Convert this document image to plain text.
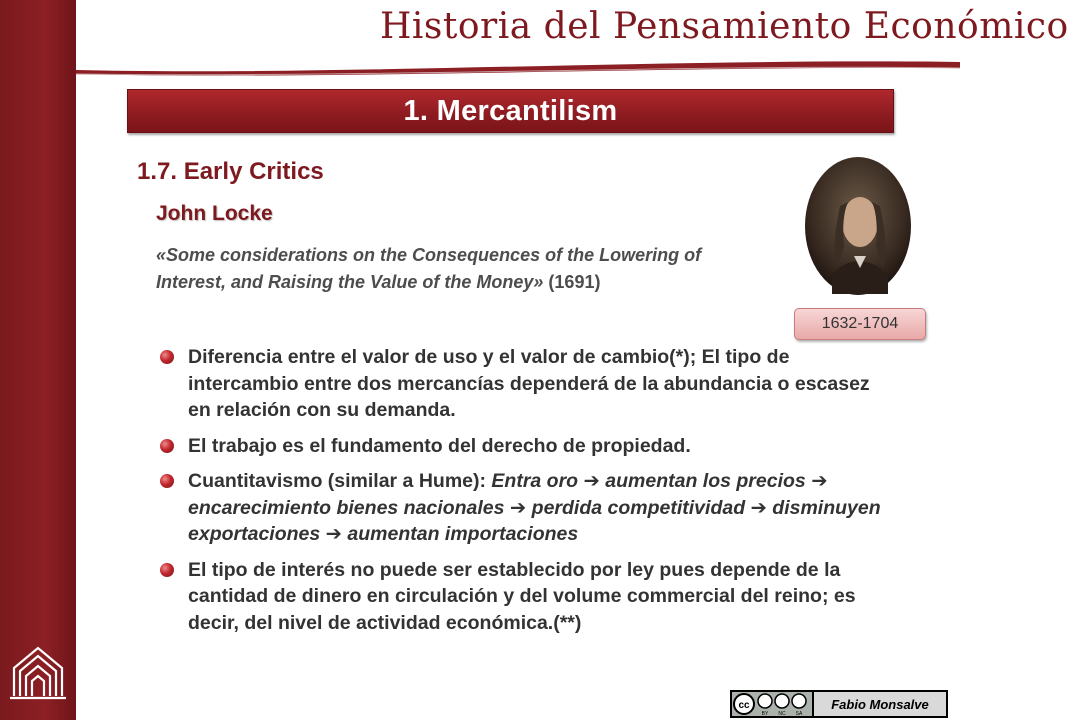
Historia del Pensamiento Económico
1. Mercantilism
1.7. Early Critics
John Locke
«Some considerations on the Consequences of the Lowering of Interest, and Raising the Value of the Money» (1691)
1632-1704
Diferencia entre el valor de uso y el valor de cambio(*); El tipo de intercambio entre dos mercancías dependerá de la abundancia o escasez en relación con su demanda.
El trabajo es el fundamento del derecho de propiedad.
Cuantitavismo (similar a Hume): Entra oro ➔ aumentan los precios ➔ encarecimiento bienes nacionales ➔ perdida competitividad ➔ disminuyen exportaciones ➔ aumentan importaciones
El tipo de interés no puede ser establecido por ley pues depende de la cantidad de dinero en circulación y del volume commercial del reino; es decir, del nivel de actividad económica.(**)
cc
BY NC SA
Fabio Monsalve
